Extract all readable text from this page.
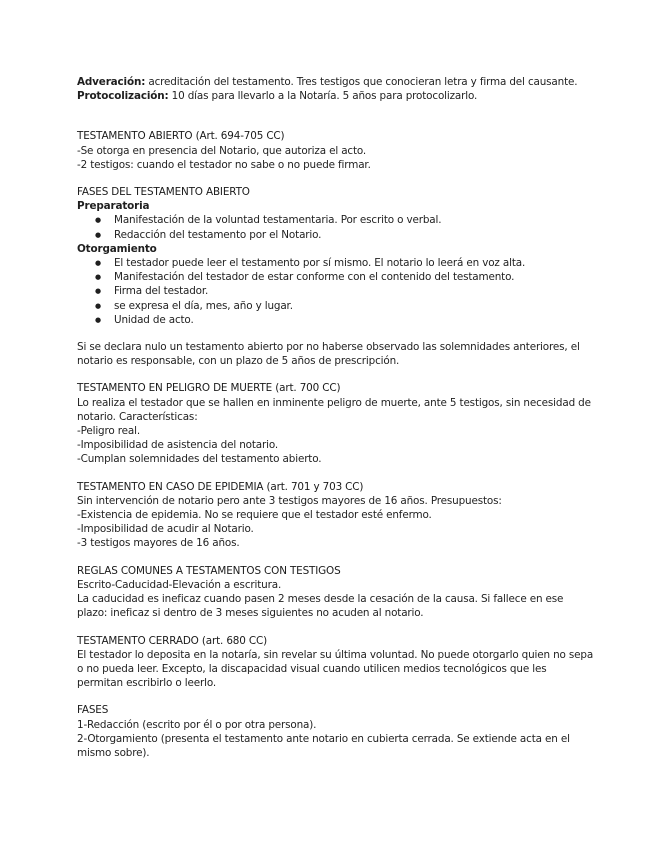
Adveración: acreditación del testamento. Tres testigos que conocieran letra y firma del causante.

Protocolización: 10 días para llevarlo a la Notaría. 5 años para protocolizarlo.

TESTAMENTO ABIERTO (Art. 694-705 CC)

-Se otorga en presencia del Notario, que autoriza el acto.

-2 testigos: cuando el testador no sabe o no puede firmar.

FASES DEL TESTAMENTO ABIERTO

Preparatoria

● Manifestación de la voluntad testamentaria. Por escrito o verbal.
● Redacción del testamento por el Notario.

Otorgamiento

● El testador puede leer el testamento por sí mismo. El notario lo leerá en voz alta.
● Manifestación del testador de estar conforme con el contenido del testamento.
● Firma del testador.
● se expresa el día, mes, año y lugar.
● Unidad de acto.

Si se declara nulo un testamento abierto por no haberse observado las solemnidades anteriores, el notario es responsable, con un plazo de 5 años de prescripción.

TESTAMENTO EN PELIGRO DE MUERTE (art. 700 CC)

Lo realiza el testador que se hallen en inminente peligro de muerte, ante 5 testigos, sin necesidad de notario. Características:

-Peligro real.

-Imposibilidad de asistencia del notario.

-Cumplan solemnidades del testamento abierto.

TESTAMENTO EN CASO DE EPIDEMIA (art. 701 y 703 CC)

Sin intervención de notario pero ante 3 testigos mayores de 16 años. Presupuestos:

-Existencia de epidemia. No se requiere que el testador esté enfermo.

-Imposibilidad de acudir al Notario.

-3 testigos mayores de 16 años.

REGLAS COMUNES A TESTAMENTOS CON TESTIGOS

Escrito-Caducidad-Elevación a escritura.

La caducidad es ineficaz cuando pasen 2 meses desde la cesación de la causa. Si fallece en ese plazo: ineficaz si dentro de 3 meses siguientes no acuden al notario.

TESTAMENTO CERRADO (art. 680 CC)

El testador lo deposita en la notaría, sin revelar su última voluntad. No puede otorgarlo quien no sepa o no pueda leer. Excepto, la discapacidad visual cuando utilicen medios tecnológicos que les permitan escribirlo o leerlo.

FASES

1-Redacción (escrito por él o por otra persona).

2-Otorgamiento (presenta el testamento ante notario en cubierta cerrada. Se extiende acta en el mismo sobre).
